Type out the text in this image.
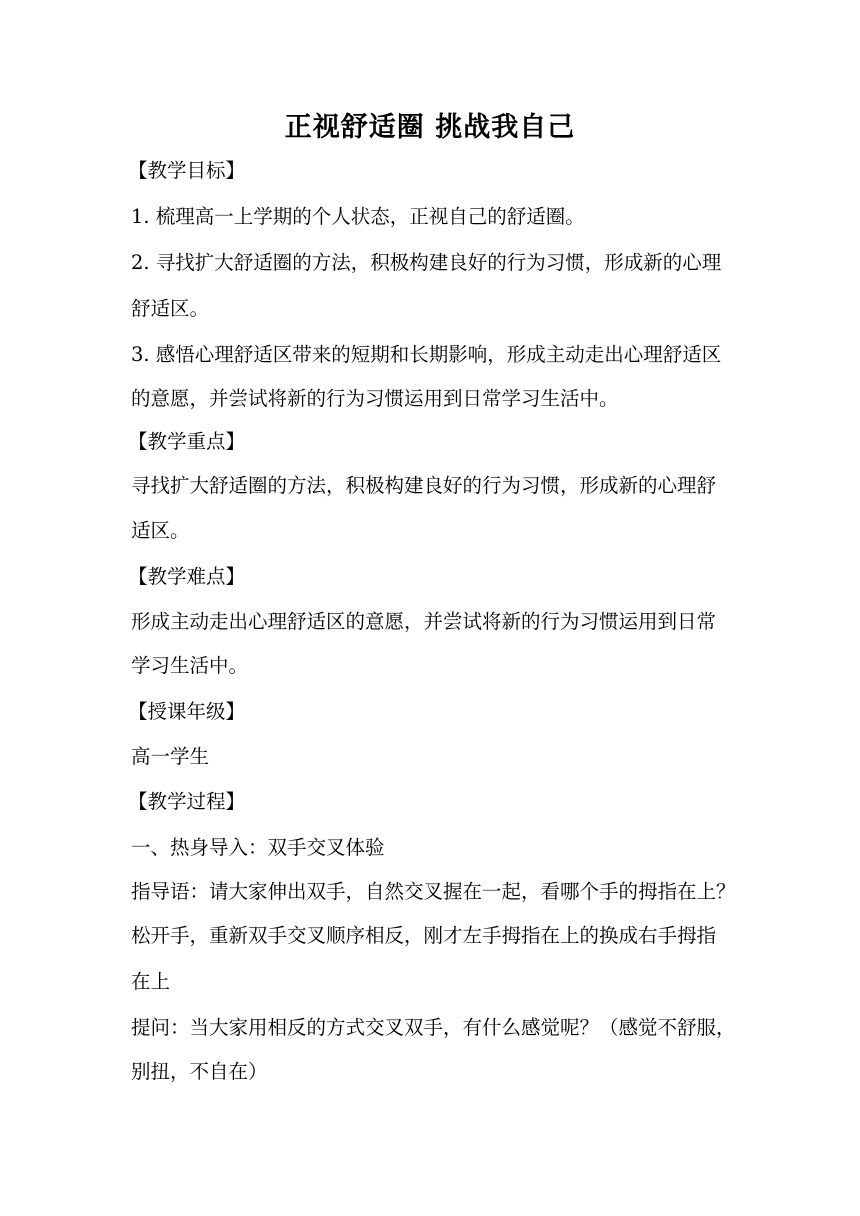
正视舒适圈 挑战我自己
【教学目标】
1. 梳理高一上学期的个人状态，正视自己的舒适圈。
2. 寻找扩大舒适圈的方法，积极构建良好的行为习惯，形成新的心理
舒适区。
3. 感悟心理舒适区带来的短期和长期影响，形成主动走出心理舒适区
的意愿，并尝试将新的行为习惯运用到日常学习生活中。
【教学重点】
寻找扩大舒适圈的方法，积极构建良好的行为习惯，形成新的心理舒
适区。
【教学难点】
形成主动走出心理舒适区的意愿，并尝试将新的行为习惯运用到日常
学习生活中。
【授课年级】
高一学生
【教学过程】
一、热身导入：双手交叉体验
指导语：请大家伸出双手，自然交叉握在一起，看哪个手的拇指在上？
松开手，重新双手交叉顺序相反，刚才左手拇指在上的换成右手拇指
在上
提问：当大家用相反的方式交叉双手，有什么感觉呢？（感觉不舒服，
别扭，不自在）
